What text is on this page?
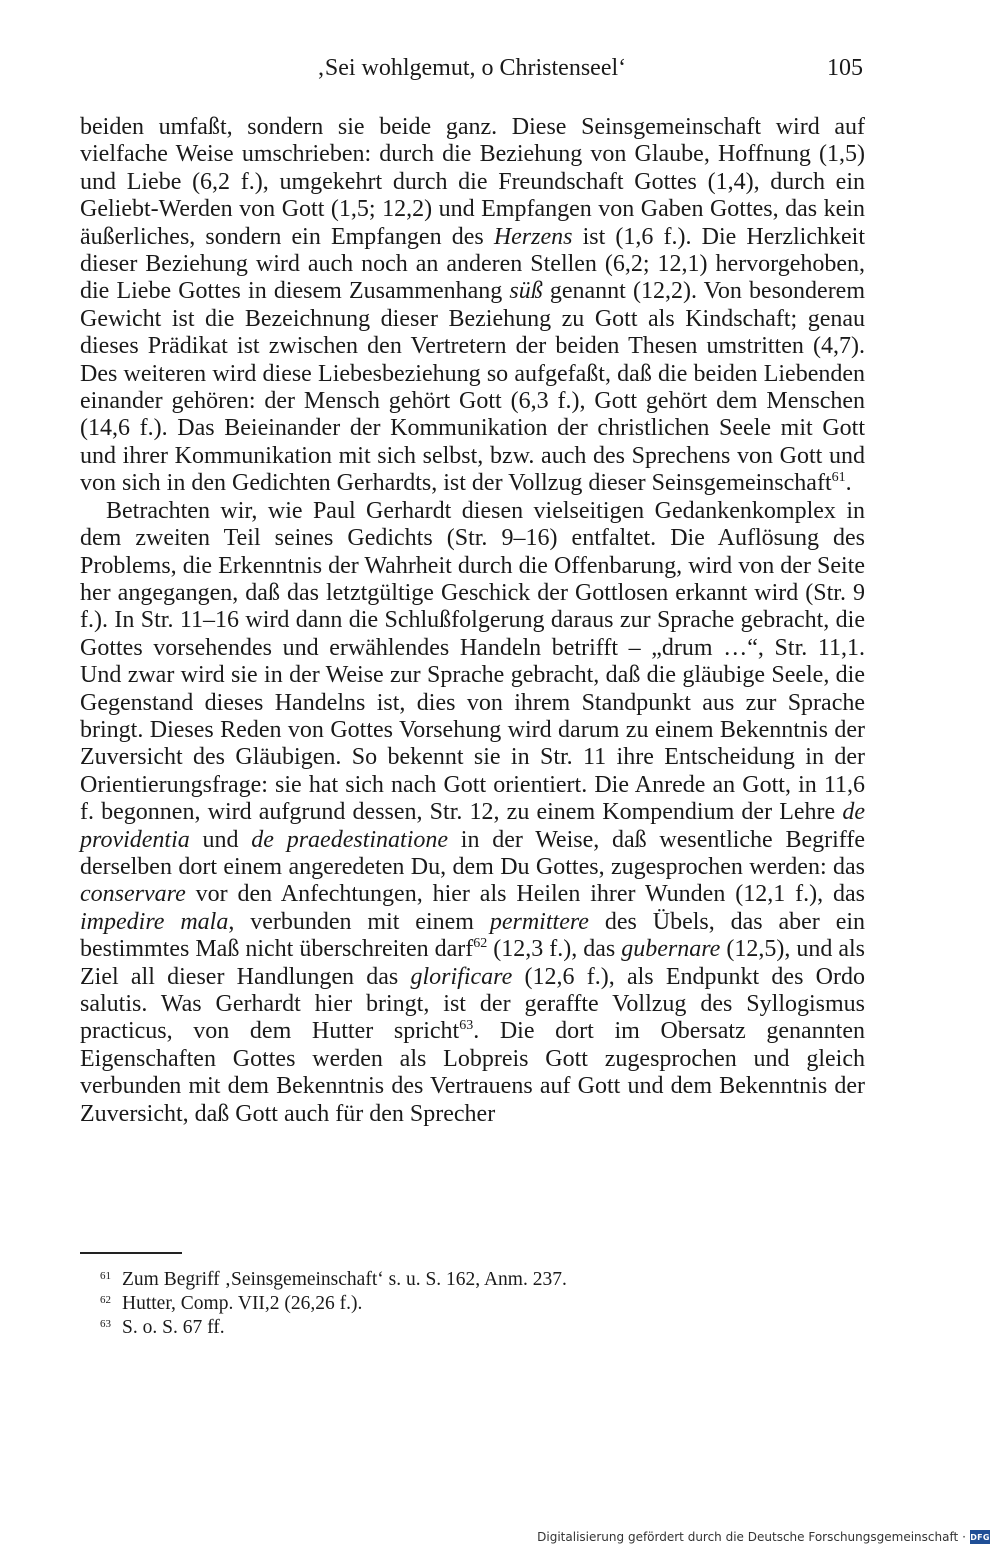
‚Sei wohlgemut, o Christenseel‘	105

beiden umfaßt, sondern sie beide ganz. Diese Seinsgemeinschaft wird auf vielfache Weise umschrieben: durch die Beziehung von Glaube, Hoffnung (1,5) und Liebe (6,2 f.), umgekehrt durch die Freundschaft Gottes (1,4), durch ein Geliebt-Werden von Gott (1,5; 12,2) und Empfangen von Gaben Gottes, das kein äußerliches, sondern ein Empfangen des Herzens ist (1,6 f.). Die Herzlichkeit dieser Beziehung wird auch noch an anderen Stellen (6,2; 12,1) hervorgehoben, die Liebe Gottes in diesem Zusammenhang süß genannt (12,2). Von besonderem Gewicht ist die Bezeichnung dieser Beziehung zu Gott als Kindschaft; genau dieses Prädikat ist zwischen den Vertretern der beiden Thesen umstritten (4,7). Des weiteren wird diese Liebesbeziehung so aufgefaßt, daß die beiden Liebenden einander gehören: der Mensch gehört Gott (6,3 f.), Gott gehört dem Menschen (14,6 f.). Das Beieinander der Kommunikation der christlichen Seele mit Gott und ihrer Kommunikation mit sich selbst, bzw. auch des Sprechens von Gott und von sich in den Gedichten Gerhardts, ist der Vollzug dieser Seinsgemeinschaft$^{61}$.

Betrachten wir, wie Paul Gerhardt diesen vielseitigen Gedankenkomplex in dem zweiten Teil seines Gedichts (Str. 9–16) entfaltet. Die Auflösung des Problems, die Erkenntnis der Wahrheit durch die Offenbarung, wird von der Seite her angegangen, daß das letztgültige Geschick der Gottlosen erkannt wird (Str. 9 f.). In Str. 11–16 wird dann die Schlußfolgerung daraus zur Sprache gebracht, die Gottes vorsehendes und erwählendes Handeln betrifft – „drum …“, Str. 11,1. Und zwar wird sie in der Weise zur Sprache gebracht, daß die gläubige Seele, die Gegenstand dieses Handelns ist, dies von ihrem Standpunkt aus zur Sprache bringt. Dieses Reden von Gottes Vorsehung wird darum zu einem Bekenntnis der Zuversicht des Gläubigen. So bekennt sie in Str. 11 ihre Entscheidung in der Orientierungsfrage: sie hat sich nach Gott orientiert. Die Anrede an Gott, in 11,6 f. begonnen, wird aufgrund dessen, Str. 12, zu einem Kompendium der Lehre de providentia und de praedestinatione in der Weise, daß wesentliche Begriffe derselben dort einem angeredeten Du, dem Du Gottes, zugesprochen werden: das conservare vor den Anfechtungen, hier als Heilen ihrer Wunden (12,1 f.), das impedire mala, verbunden mit einem permittere des Übels, das aber ein bestimmtes Maß nicht überschreiten darf$^{62}$ (12,3 f.), das gubernare (12,5), und als Ziel all dieser Handlungen das glorificare (12,6 f.), als Endpunkt des Ordo salutis. Was Gerhardt hier bringt, ist der geraffte Vollzug des Syllogismus practicus, von dem Hutter spricht$^{63}$. Die dort im Obersatz genannten Eigenschaften Gottes werden als Lobpreis Gott zugesprochen und gleich verbunden mit dem Bekenntnis des Vertrauens auf Gott und dem Bekenntnis der Zuversicht, daß Gott auch für den Sprecher

61 Zum Begriff ‚Seinsgemeinschaft‘ s. u. S. 162, Anm. 237.
62 Hutter, Comp. VII,2 (26,26 f.).
63 S. o. S. 67 ff.
Digitalisierung gefördert durch die Deutsche Forschungsgemeinschaft · DFG
